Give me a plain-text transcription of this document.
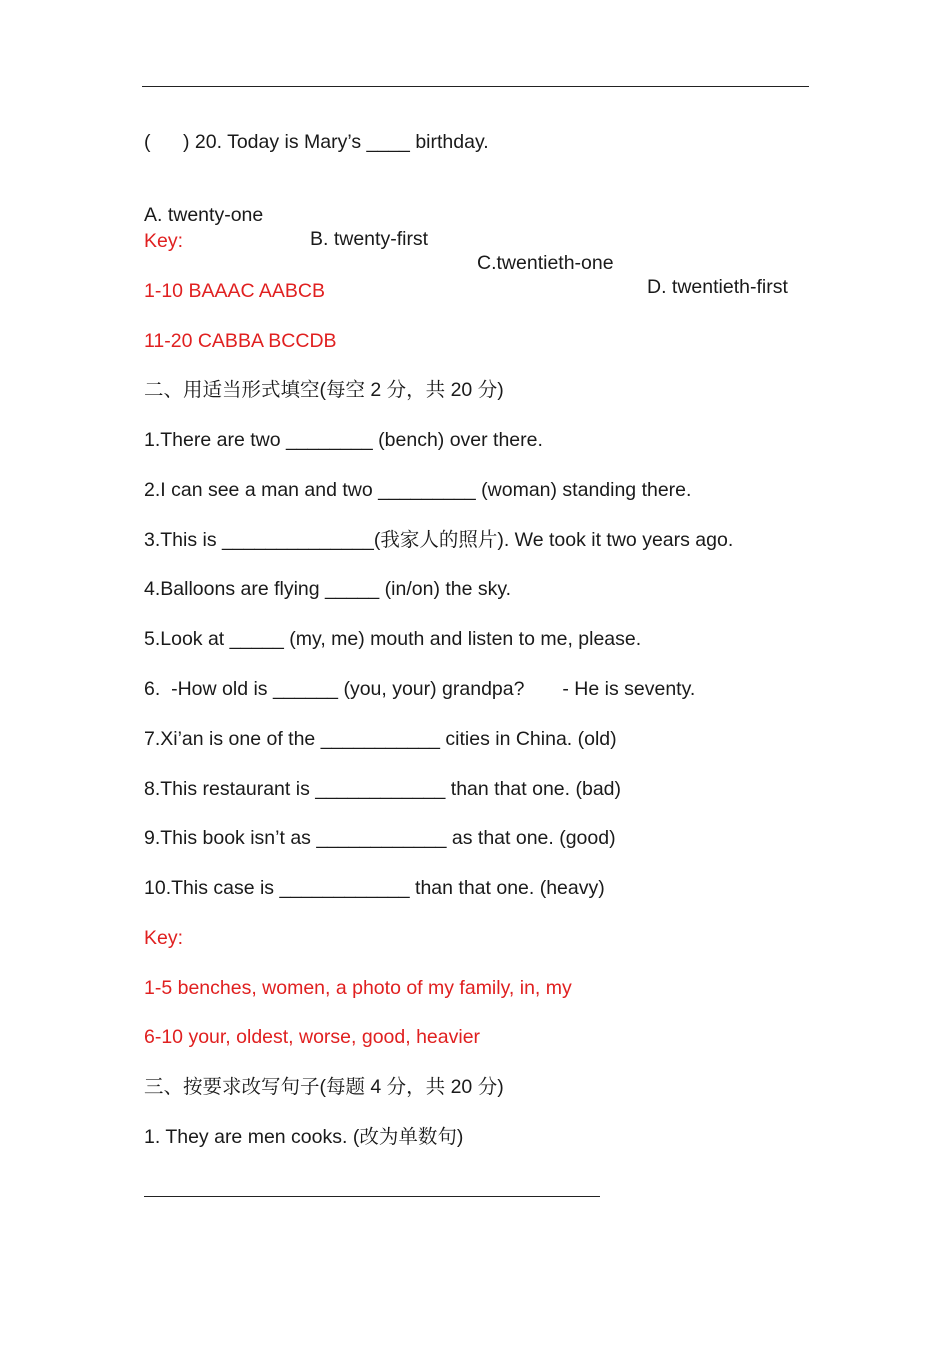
(      ) 20. Today is Mary’s ____ birthday.

A. twenty-one

B. twenty-first

C.twentieth-one

D. twentieth-first

Key:
1-10 BAAAC AABCB
11-20 CABBA BCCDB
二、用适当形式填空(每空 2 分，共 20 分)
1.There are two ________ (bench) over there.
2.I can see a man and two _________ (woman) standing there.
3.This is ______________(我家人的照片). We took it two years ago.
4.Balloons are flying _____ (in/on) the sky.
5.Look at _____ (my, me) mouth and listen to me, please.
6.  -How old is ______ (you, your) grandpa?       - He is seventy.
7.Xi’an is one of the ___________ cities in China. (old)
8.This restaurant is ____________ than that one. (bad)
9.This book isn’t as ____________ as that one. (good)
10.This case is ____________ than that one. (heavy)
Key:
1-5 benches, women, a photo of my family, in, my
6-10 your, oldest, worse, good, heavier
三、按要求改写句子(每题 4 分，共 20 分)
1. They are men cooks. (改为单数句)
